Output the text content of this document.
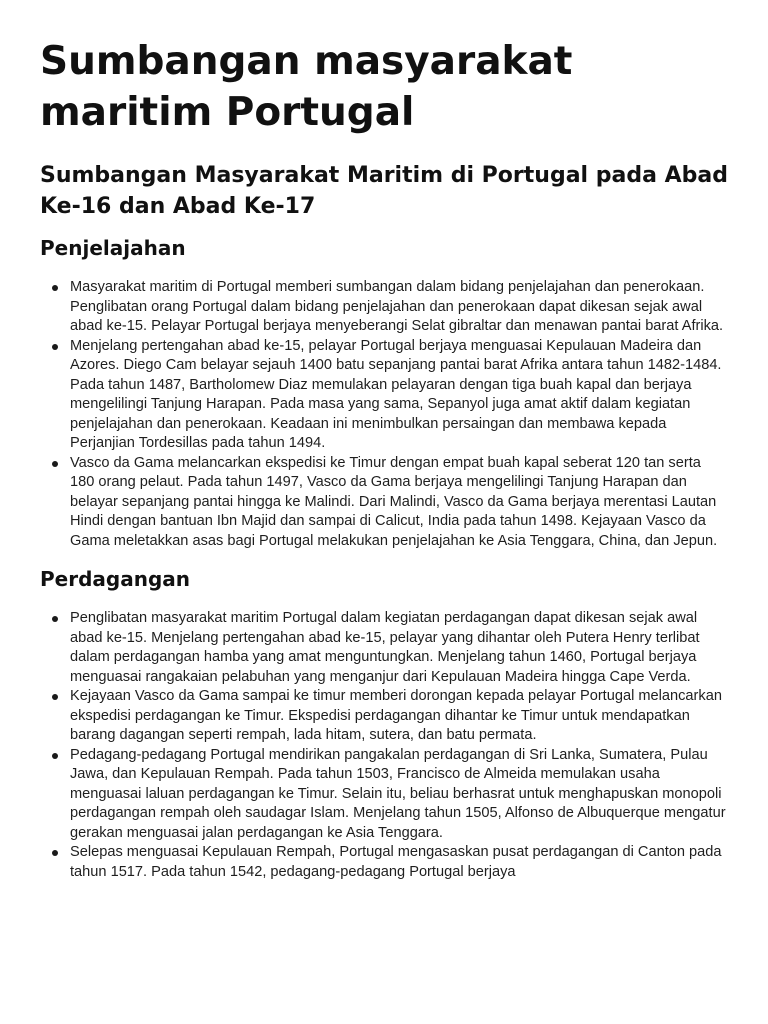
Sumbangan masyarakat maritim Portugal
Sumbangan Masyarakat Maritim di Portugal pada Abad Ke-16 dan Abad Ke-17
Penjelajahan
Masyarakat maritim di Portugal memberi sumbangan dalam bidang penjelajahan dan penerokaan. Penglibatan orang Portugal dalam bidang penjelajahan dan penerokaan dapat dikesan sejak awal abad ke-15. Pelayar Portugal berjaya menyeberangi Selat gibraltar dan menawan pantai barat Afrika.
Menjelang pertengahan abad ke-15, pelayar Portugal berjaya menguasai Kepulauan Madeira dan Azores. Diego Cam belayar sejauh 1400 batu sepanjang pantai barat Afrika antara tahun 1482-1484. Pada tahun 1487, Bartholomew Diaz memulakan pelayaran dengan tiga buah kapal dan berjaya mengelilingi Tanjung Harapan. Pada masa yang sama, Sepanyol juga amat aktif dalam kegiatan penjelajahan dan penerokaan. Keadaan ini menimbulkan persaingan dan membawa kepada Perjanjian Tordesillas pada tahun 1494.
Vasco da Gama melancarkan ekspedisi ke Timur dengan empat buah kapal seberat 120 tan serta 180 orang pelaut. Pada tahun 1497, Vasco da Gama berjaya mengelilingi Tanjung Harapan dan belayar sepanjang pantai hingga ke Malindi. Dari Malindi, Vasco da Gama berjaya merentasi Lautan Hindi dengan bantuan Ibn Majid dan sampai di Calicut, India pada tahun 1498. Kejayaan Vasco da Gama meletakkan asas bagi Portugal melakukan penjelajahan ke Asia Tenggara, China, dan Jepun.
Perdagangan
Penglibatan masyarakat maritim Portugal dalam kegiatan perdagangan dapat dikesan sejak awal abad ke-15. Menjelang pertengahan abad ke-15, pelayar yang dihantar oleh Putera Henry terlibat dalam perdagangan hamba yang amat menguntungkan. Menjelang tahun 1460, Portugal berjaya menguasai rangakaian pelabuhan yang menganjur dari Kepulauan Madeira hingga Cape Verda.
Kejayaan Vasco da Gama sampai ke timur memberi dorongan kepada pelayar Portugal melancarkan ekspedisi perdagangan ke Timur. Ekspedisi perdagangan dihantar ke Timur untuk mendapatkan barang dagangan seperti rempah, lada hitam, sutera, dan batu permata.
Pedagang-pedagang Portugal mendirikan pangakalan perdagangan di Sri Lanka, Sumatera, Pulau Jawa, dan Kepulauan Rempah. Pada tahun 1503, Francisco de Almeida memulakan usaha menguasai laluan perdagangan ke Timur. Selain itu, beliau berhasrat untuk menghapuskan monopoli perdagangan rempah oleh saudagar Islam. Menjelang tahun 1505, Alfonso de Albuquerque mengatur gerakan menguasai jalan perdagangan ke Asia Tenggara.
Selepas menguasai Kepulauan Rempah, Portugal mengasaskan pusat perdagangan di Canton pada tahun 1517. Pada tahun 1542, pedagang-pedagang Portugal berjaya
